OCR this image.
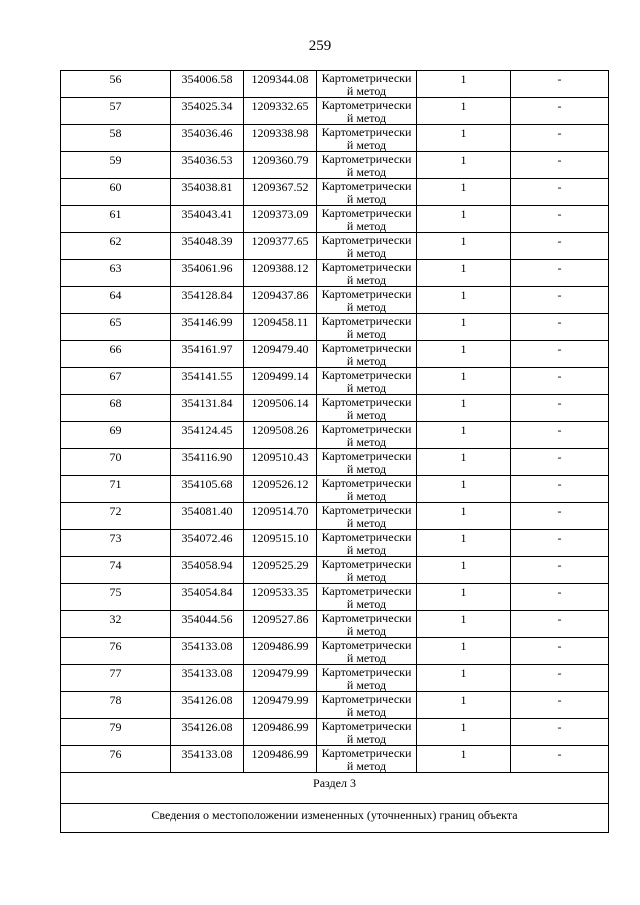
259
56	354006.58	1209344.08	Картометрически й метод	1	-

57	354025.34	1209332.65	Картометрически й метод	1	-

58	354036.46	1209338.98	Картометрически й метод	1	-

59	354036.53	1209360.79	Картометрически й метод	1	-

60	354038.81	1209367.52	Картометрически й метод	1	-

61	354043.41	1209373.09	Картометрически й метод	1	-

62	354048.39	1209377.65	Картометрически й метод	1	-

63	354061.96	1209388.12	Картометрически й метод	1	-

64	354128.84	1209437.86	Картометрически й метод	1	-

65	354146.99	1209458.11	Картометрически й метод	1	-

66	354161.97	1209479.40	Картометрически й метод	1	-

67	354141.55	1209499.14	Картометрически й метод	1	-

68	354131.84	1209506.14	Картометрически й метод	1	-

69	354124.45	1209508.26	Картометрически й метод	1	-

70	354116.90	1209510.43	Картометрически й метод	1	-

71	354105.68	1209526.12	Картометрически й метод	1	-

72	354081.40	1209514.70	Картометрически й метод	1	-

73	354072.46	1209515.10	Картометрически й метод	1	-

74	354058.94	1209525.29	Картометрически й метод	1	-

75	354054.84	1209533.35	Картометрически й метод	1	-

32	354044.56	1209527.86	Картометрически й метод	1	-

76	354133.08	1209486.99	Картометрически й метод	1	-

77	354133.08	1209479.99	Картометрически й метод	1	-

78	354126.08	1209479.99	Картометрически й метод	1	-

79	354126.08	1209486.99	Картометрически й метод	1	-

76	354133.08	1209486.99	Картометрически й метод	1	-

Раздел 3					

Сведения о местоположении измененных (уточненных) границ объекта					
